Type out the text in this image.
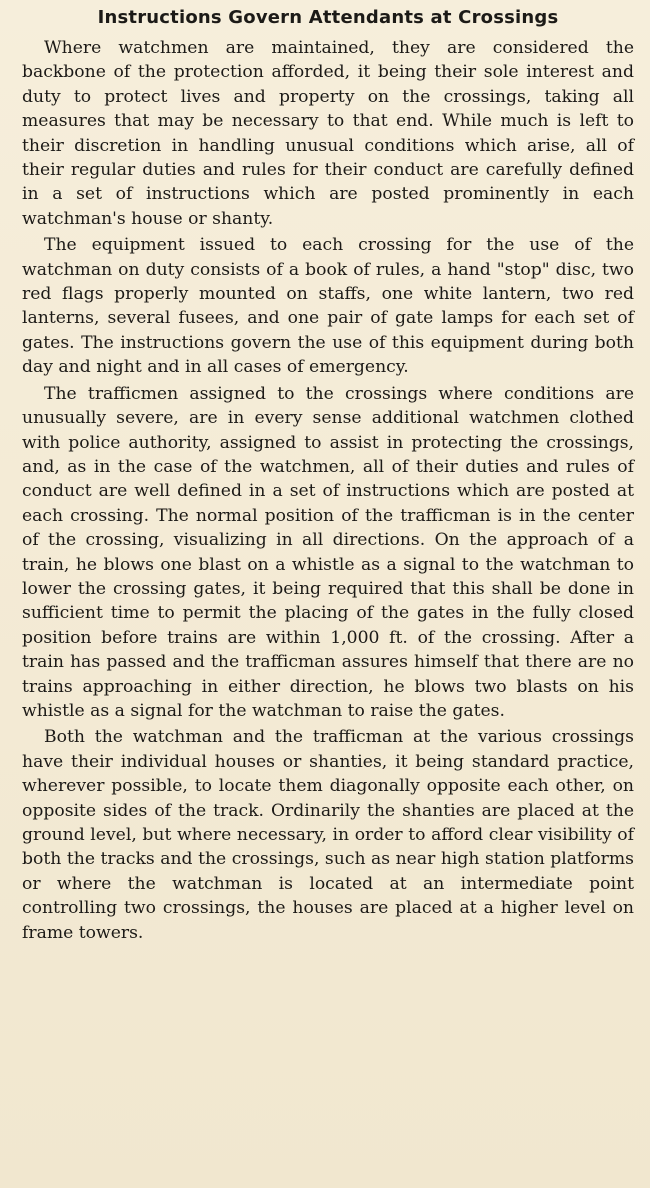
Instructions Govern Attendants at Crossings

Where watchmen are maintained, they are considered the backbone of the protection afforded, it being their sole interest and duty to protect lives and property on the crossings, taking all measures that may be necessary to that end. While much is left to their discretion in handling unusual conditions which arise, all of their regular duties and rules for their conduct are carefully defined in a set of instructions which are posted prominently in each watchman's house or shanty.

The equipment issued to each crossing for the use of the watchman on duty consists of a book of rules, a hand "stop" disc, two red flags properly mounted on staffs, one white lantern, two red lanterns, several fusees, and one pair of gate lamps for each set of gates. The instructions govern the use of this equipment during both day and night and in all cases of emergency.

The trafficmen assigned to the crossings where conditions are unusually severe, are in every sense additional watchmen clothed with police authority, assigned to assist in protecting the crossings, and, as in the case of the watchmen, all of their duties and rules of conduct are well defined in a set of instructions which are posted at each crossing. The normal position of the trafficman is in the center of the crossing, visualizing in all directions. On the approach of a train, he blows one blast on a whistle as a signal to the watchman to lower the crossing gates, it being required that this shall be done in sufficient time to permit the placing of the gates in the fully closed position before trains are within 1,000 ft. of the crossing. After a train has passed and the trafficman assures himself that there are no trains approaching in either direction, he blows two blasts on his whistle as a signal for the watchman to raise the gates.

Both the watchman and the trafficman at the various crossings have their individual houses or shanties, it being standard practice, wherever possible, to locate them diagonally opposite each other, on opposite sides of the track. Ordinarily the shanties are placed at the ground level, but where necessary, in order to afford clear visibility of both the tracks and the crossings, such as near high station platforms or where the watchman is located at an intermediate point controlling two crossings, the houses are placed at a higher level on frame towers.
